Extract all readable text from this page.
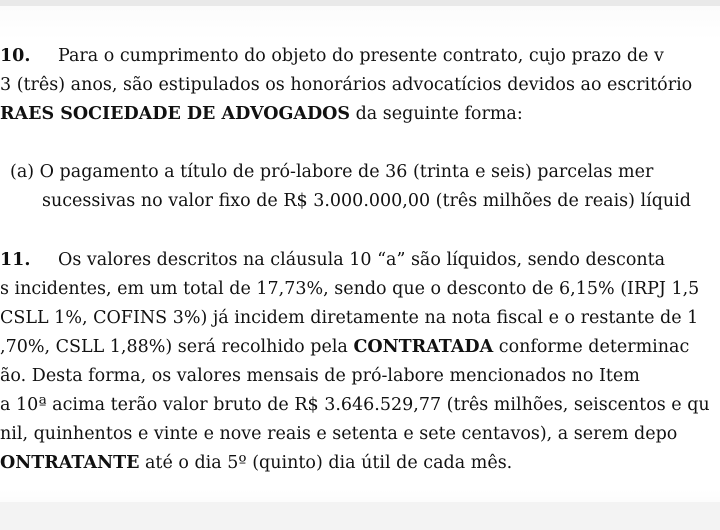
10. Para o cumprimento do objeto do presente contrato, cujo prazo de v
3 (três) anos, são estipulados os honorários advocatícios devidos ao escritório
RAES SOCIEDADE DE ADVOGADOS da seguinte forma:
(a) O pagamento a título de pró-labore de 36 (trinta e seis) parcelas mer
sucessivas no valor fixo de R$ 3.000.000,00 (três milhões de reais) líquid
11. Os valores descritos na cláusula 10 “a” são líquidos, sendo desconta
s incidentes, em um total de 17,73%, sendo que o desconto de 6,15% (IRPJ 1,5
CSLL 1%, COFINS 3%) já incidem diretamente na nota fiscal e o restante de 1
,70%, CSLL 1,88%) será recolhido pela CONTRATADA conforme determinac
ão. Desta forma, os valores mensais de pró-labore mencionados no Item
a 10ª acima terão valor bruto de R$ 3.646.529,77 (três milhões, seiscentos e qu
nil, quinhentos e vinte e nove reais e setenta e sete centavos), a serem depo
ONTRATANTE até o dia 5º (quinto) dia útil de cada mês.
